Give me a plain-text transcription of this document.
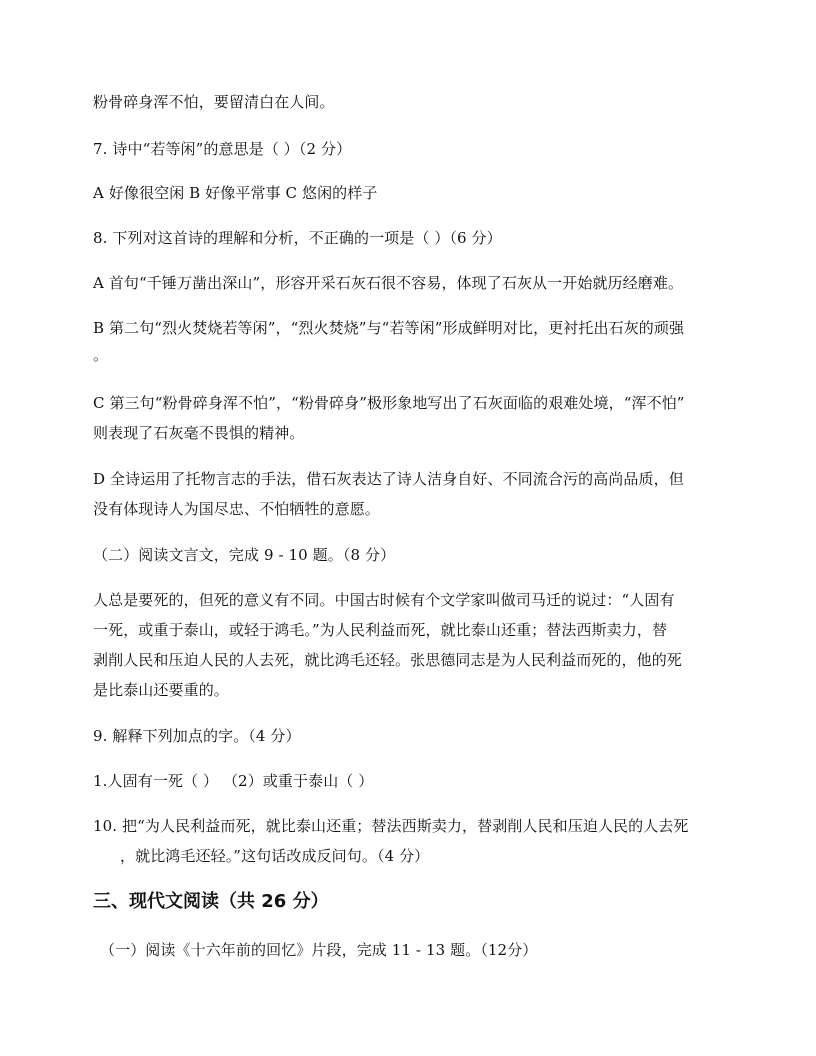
粉骨碎身浑不怕，要留清白在人间。
7. 诗中“若等闲”的意思是（ ）（2 分）
A 好像很空闲 B 好像平常事 C 悠闲的样子
8. 下列对这首诗的理解和分析，不正确的一项是（ ）（6 分）
A 首句“千锤万凿出深山”，形容开采石灰石很不容易，体现了石灰从一开始就历经磨难。
B 第二句“烈火焚烧若等闲”，“烈火焚烧”与“若等闲”形成鲜明对比，更衬托出石灰的顽强
。
C 第三句“粉骨碎身浑不怕”，“粉骨碎身”极形象地写出了石灰面临的艰难处境，“浑不怕”
则表现了石灰毫不畏惧的精神。
D 全诗运用了托物言志的手法，借石灰表达了诗人洁身自好、不同流合污的高尚品质，但
没有体现诗人为国尽忠、不怕牺牲的意愿。
（二）阅读文言文，完成 9 - 10 题。（8 分）
人总是要死的，但死的意义有不同。中国古时候有个文学家叫做司马迁的说过：“人固有
一死，或重于泰山，或轻于鸿毛。”为人民利益而死，就比泰山还重；替法西斯卖力，替
剥削人民和压迫人民的人去死，就比鸿毛还轻。张思德同志是为人民利益而死的，他的死
是比泰山还要重的。
9. 解释下列加点的字。（4 分）
1.人固有一死（ ） （2）或重于泰山（ ）
10. 把“为人民利益而死，就比泰山还重；替法西斯卖力，替剥削人民和压迫人民的人去死
，就比鸿毛还轻。”这句话改成反问句。（4 分）
三、现代文阅读（共 26 分）
（一）阅读《十六年前的回忆》片段，完成 11 - 13 题。（12分）
